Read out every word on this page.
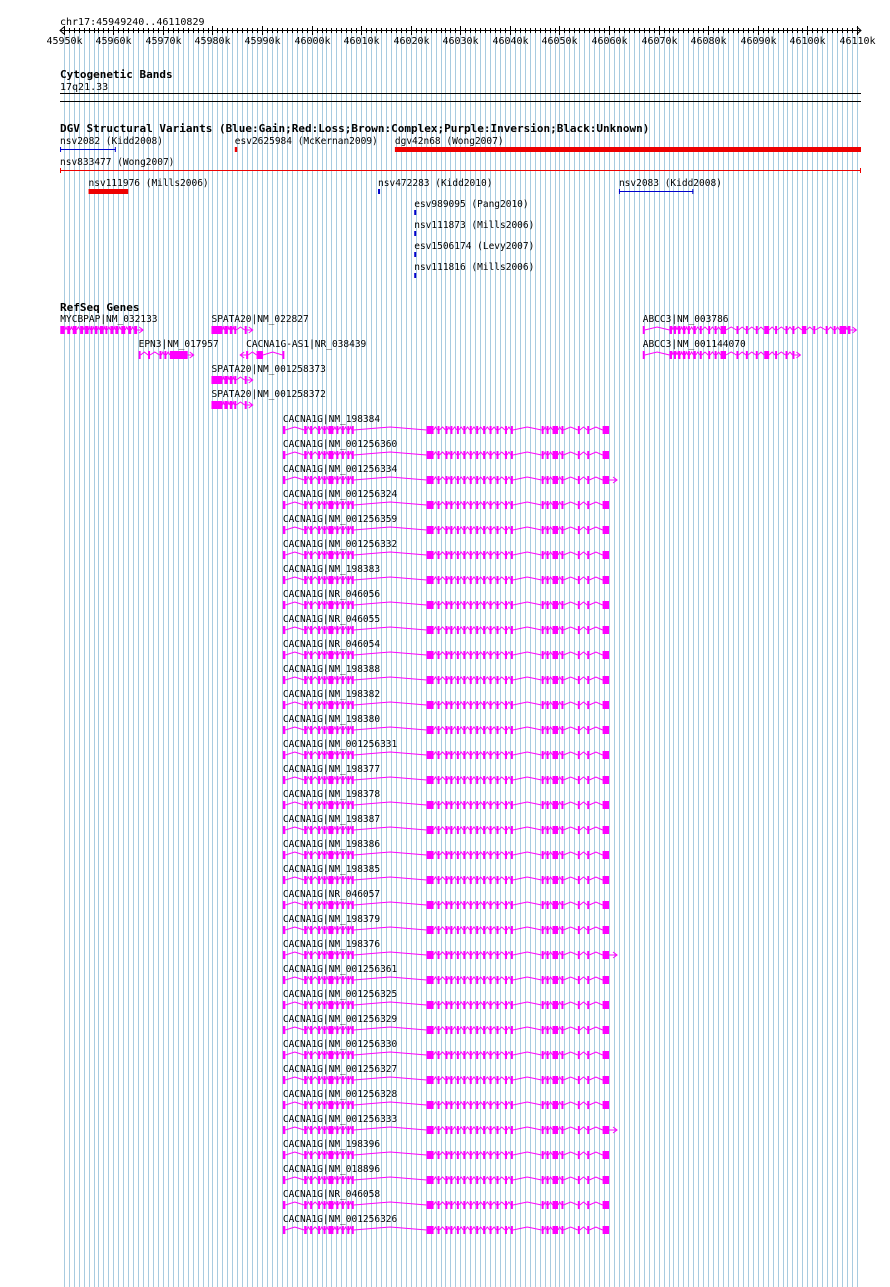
chr17:45949240..46110829
45950k 45960k 45970k 45980k 45990k 46000k 46010k 46020k 46030k 46040k 46050k 46060k 46070k 46080k 46090k 46100k 46110k
Cytogenetic Bands
17q21.33
DGV Structural Variants (Blue:Gain;Red:Loss;Brown:Complex;Purple:Inversion;Black:Unknown)
nsv2082 (Kidd2008)	esv2625984 (McKernan2009) dgv42n68 (Wong2007)
nsv833477 (Wong2007)
nsv111976 (Mills2006)	nsv472283 (Kidd2010)	nsv2083 (Kidd2008)
esv989095 (Pang2010)
nsv111873 (Mills2006)
esv1506174 (Levy2007)
nsv111816 (Mills2006)
RefSeq Genes
MYCBPAP|NM_032133	SPATA20|NM_022827	ABCC3|NM_003786
EPN3|NM_017957	CACNA1G-AS1|NR_038439	ABCC3|NM_001144070
SPATA20|NM_001258373
SPATA20|NM_001258372
CACNA1G|NM_198384
CACNA1G|NM_001256360
CACNA1G|NM_001256334
CACNA1G|NM_001256324
CACNA1G|NM_001256359
CACNA1G|NM_001256332
CACNA1G|NM_198383
CACNA1G|NR_046056
CACNA1G|NR_046055
CACNA1G|NR_046054
CACNA1G|NM_198388
CACNA1G|NM_198382
CACNA1G|NM_198380
CACNA1G|NM_001256331
CACNA1G|NM_198377
CACNA1G|NM_198378
CACNA1G|NM_198387
CACNA1G|NM_198386
CACNA1G|NM_198385
CACNA1G|NR_046057
CACNA1G|NM_198379
CACNA1G|NM_198376
CACNA1G|NM_001256361
CACNA1G|NM_001256325
CACNA1G|NM_001256329
CACNA1G|NM_001256330
CACNA1G|NM_001256327
CACNA1G|NM_001256328
CACNA1G|NM_001256333
CACNA1G|NM_198396
CACNA1G|NM_018896
CACNA1G|NR_046058
CACNA1G|NM_001256326
